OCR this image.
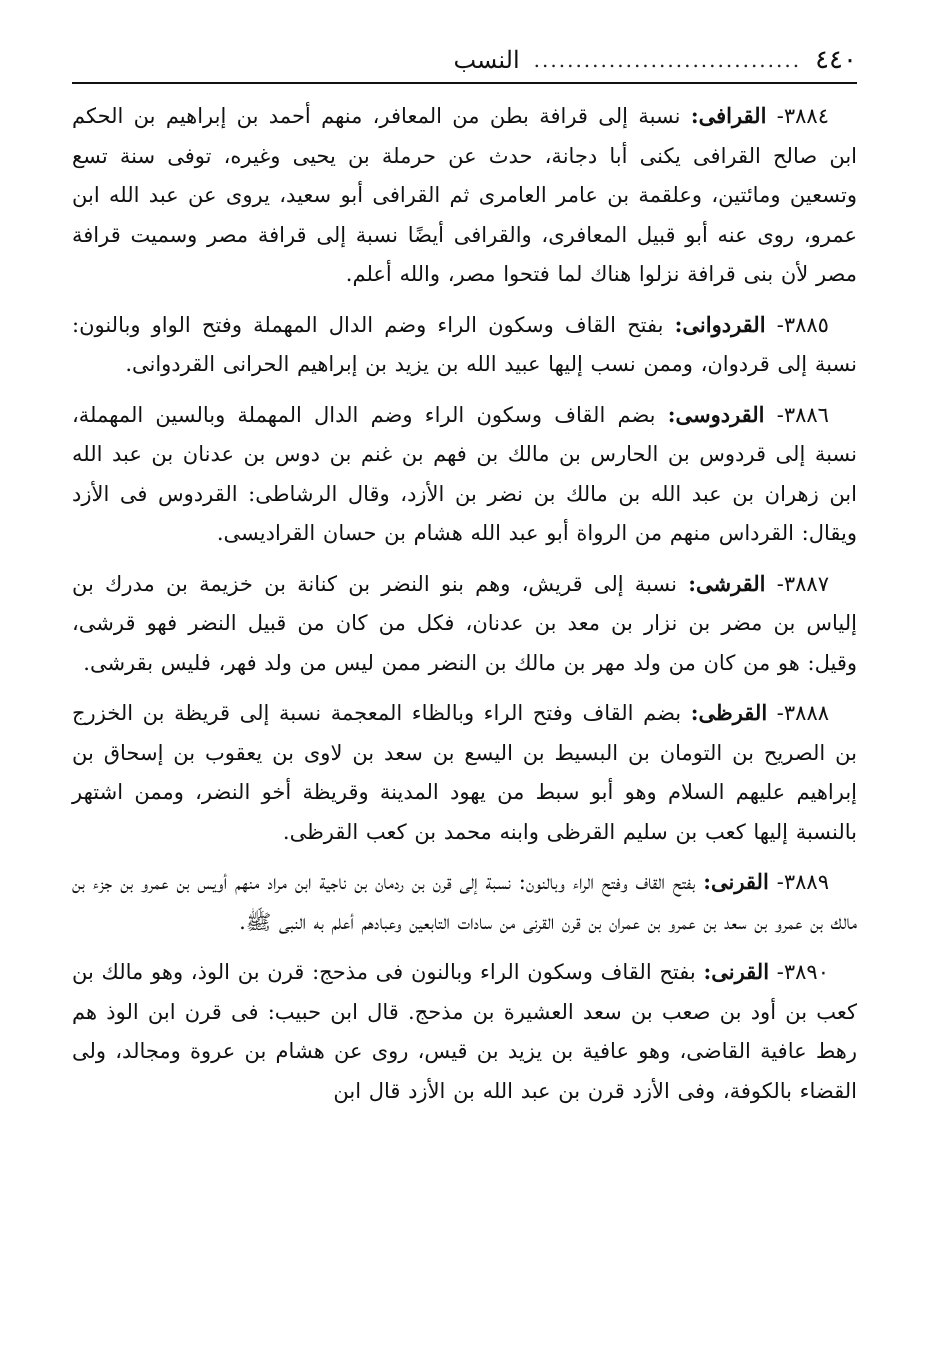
٤٤٠
................................
النسب

٣٨٨٤- القرافى: نسبة إلى قرافة بطن من المعافر، منهم أحمد بن إبراهيم بن الحكم ابن صالح القرافى يكنى أبا دجانة، حدث عن حرملة بن يحيى وغيره، توفى سنة تسع وتسعين ومائتين، وعلقمة بن عامر العامرى ثم القرافى أبو سعيد، يروى عن عبد الله ابن عمرو، روى عنه أبو قبيل المعافرى، والقرافى أيضًا نسبة إلى قرافة مصر وسميت قرافة مصر لأن بنى قرافة نزلوا هناك لما فتحوا مصر، والله أعلم.

٣٨٨٥- القردوانى: بفتح القاف وسكون الراء وضم الدال المهملة وفتح الواو وبالنون: نسبة إلى قردوان، وممن نسب إليها عبيد الله بن يزيد بن إبراهيم الحرانى القردوانى.

٣٨٨٦- القردوسى: بضم القاف وسكون الراء وضم الدال المهملة وبالسين المهملة، نسبة إلى قردوس بن الحارس بن مالك بن فهم بن غنم بن دوس بن عدنان بن عبد الله ابن زهران بن عبد الله بن مالك بن نضر بن الأزد، وقال الرشاطى: القردوس فى الأزد ويقال: القرداس منهم من الرواة أبو عبد الله هشام بن حسان القراديسى.

٣٨٨٧- القرشى: نسبة إلى قريش، وهم بنو النضر بن كنانة بن خزيمة بن مدرك بن إلياس بن مضر بن نزار بن معد بن عدنان، فكل من كان من قبيل النضر فهو قرشى، وقيل: هو من كان من ولد مهر بن مالك بن النضر ممن ليس من ولد فهر، فليس بقرشى.

٣٨٨٨- القرظى: بضم القاف وفتح الراء وبالظاء المعجمة نسبة إلى قريظة بن الخزرج بن الصريح بن التومان بن البسيط بن اليسع بن سعد بن لاوى بن يعقوب بن إسحاق بن إبراهيم عليهم السلام وهو أبو سبط من يهود المدينة وقريظة أخو النضر، وممن اشتهر بالنسبة إليها كعب بن سليم القرظى وابنه محمد بن كعب القرظى.

٣٨٨٩- القرنى: بفتح القاف وفتح الراء وبالنون: نسبة إلى قرن بن ردمان بن ناجية ابن مراد منهم أويس بن عمرو بن جزء بن مالك بن عمرو بن سعد بن عمرو بن عمران بن قرن القرنى من سادات التابعين وعبادهم أعلم به النبى ﷺ.

٣٨٩٠- القرنى: بفتح القاف وسكون الراء وبالنون فى مذحج: قرن بن الوذ، وهو مالك بن كعب بن أود بن صعب بن سعد العشيرة بن مذحج. قال ابن حبيب: فى قرن ابن الوذ هم رهط عافية القاضى، وهو عافية بن يزيد بن قيس، روى عن هشام بن عروة ومجالد، ولى القضاء بالكوفة، وفى الأزد قرن بن عبد الله بن الأزد قال ابن
